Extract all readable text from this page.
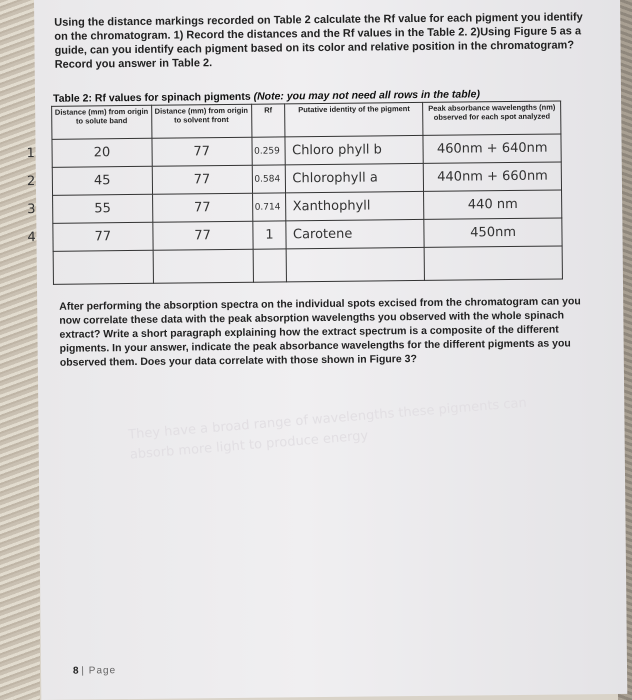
Using the distance markings recorded on Table 2 calculate the Rf value for each pigment you identify on the chromatogram. 1) Record the distances and the Rf values in the Table 2. 2)Using Figure 5 as a guide, can you identify each pigment based on its color and relative position in the chromatogram? Record you answer in Table 2.
Table 2: Rf values for spinach pigments (Note: you may not need all rows in the table)
Distance (mm) from origin to solute band	Distance (mm) from origin to solvent front	Rf	Putative identity of the pigment	Peak absorbance wavelengths (nm) observed for each spot analyzed

1 20	77	0.259	Chloro phyll b	460nm + 640nm

2 45	77	0.584	Chlorophyll a	440nm + 660nm

3 55	77	0.714	Xanthophyll	440 nm

4 77	77	1	Carotene	450nm

After performing the absorption spectra on the individual spots excised from the chromatogram can you now correlate these data with the peak absorption wavelengths you observed with the whole spinach extract? Write a short paragraph explaining how the extract spectrum is a composite of the different pigments. In your answer, indicate the peak absorbance wavelengths for the different pigments as you observed them. Does your data correlate with those shown in Figure 3?
They have a broad range of wavelengths these pigments can absorb more light to produce energy
8 | Page
